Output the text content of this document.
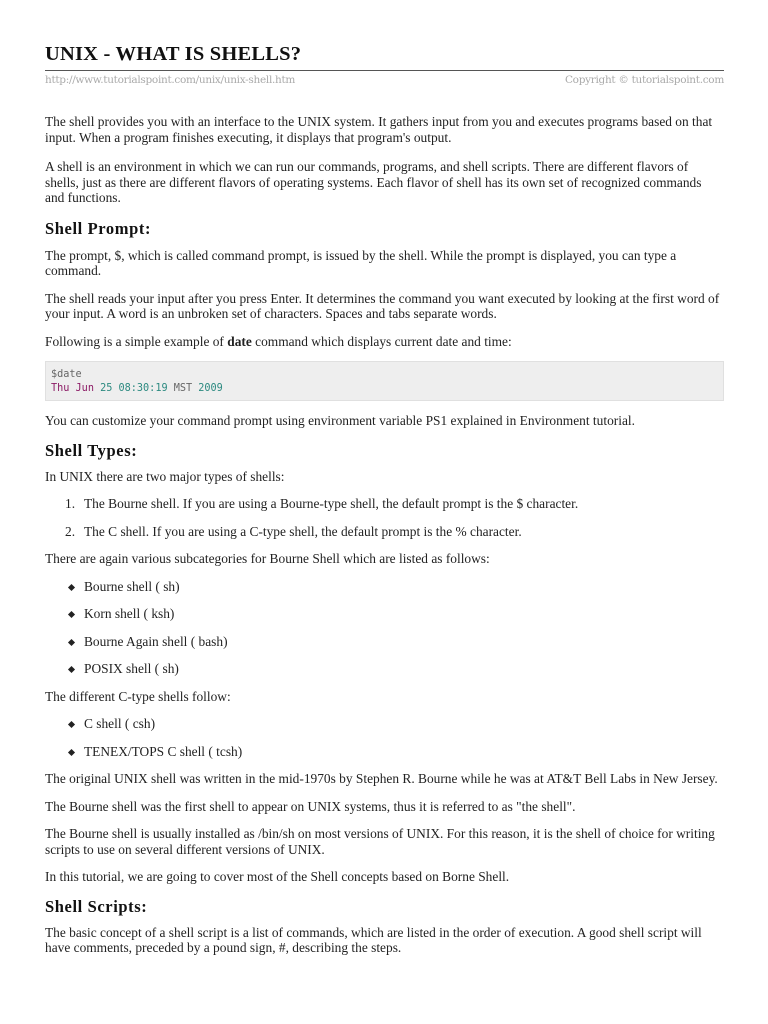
UNIX - WHAT IS SHELLS?
http://www.tutorialspoint.com/unix/unix-shell.htm	Copyright © tutorialspoint.com

The shell provides you with an interface to the UNIX system. It gathers input from you and executes programs based on that input. When a program finishes executing, it displays that program's output.

A shell is an environment in which we can run our commands, programs, and shell scripts. There are different flavors of shells, just as there are different flavors of operating systems. Each flavor of shell has its own set of recognized commands and functions.

Shell Prompt:

The prompt, $, which is called command prompt, is issued by the shell. While the prompt is displayed, you can type a command.

The shell reads your input after you press Enter. It determines the command you want executed by looking at the first word of your input. A word is an unbroken set of characters. Spaces and tabs separate words.

Following is a simple example of date command which displays current date and time:

$date
Thu Jun 25 08:30:19 MST 2009

You can customize your command prompt using environment variable PS1 explained in Environment tutorial.

Shell Types:

In UNIX there are two major types of shells:

1. The Bourne shell. If you are using a Bourne-type shell, the default prompt is the $ character.
2. The C shell. If you are using a C-type shell, the default prompt is the % character.

There are again various subcategories for Bourne Shell which are listed as follows:

Bourne shell ( sh)
Korn shell ( ksh)
Bourne Again shell ( bash)
POSIX shell ( sh)

The different C-type shells follow:

C shell ( csh)
TENEX/TOPS C shell ( tcsh)

The original UNIX shell was written in the mid-1970s by Stephen R. Bourne while he was at AT&T Bell Labs in New Jersey.

The Bourne shell was the first shell to appear on UNIX systems, thus it is referred to as "the shell".

The Bourne shell is usually installed as /bin/sh on most versions of UNIX. For this reason, it is the shell of choice for writing scripts to use on several different versions of UNIX.

In this tutorial, we are going to cover most of the Shell concepts based on Borne Shell.

Shell Scripts:

The basic concept of a shell script is a list of commands, which are listed in the order of execution. A good shell script will have comments, preceded by a pound sign, #, describing the steps.
